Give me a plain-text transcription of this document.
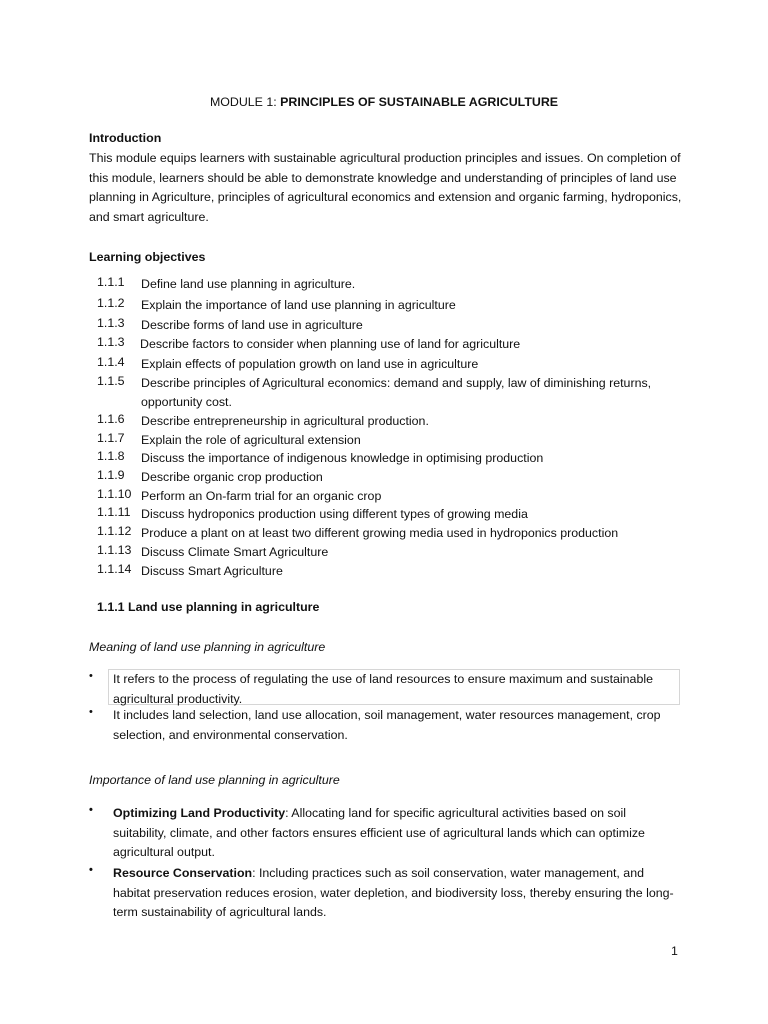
MODULE 1: PRINCIPLES OF SUSTAINABLE AGRICULTURE
Introduction
This module equips learners with sustainable agricultural production principles and issues. On completion of this module, learners should be able to demonstrate knowledge and understanding of principles of land use planning in Agriculture, principles of agricultural economics and extension and organic farming, hydroponics, and smart agriculture.
Learning objectives
1.1.1 Define land use planning in agriculture.
1.1.2 Explain the importance of land use planning in agriculture
1.1.3 Describe forms of land use in agriculture
1.1.3 Describe factors to consider when planning use of land for agriculture
1.1.4 Explain effects of population growth on land use in agriculture
1.1.5 Describe principles of Agricultural economics: demand and supply, law of diminishing returns, opportunity cost.
1.1.6 Describe entrepreneurship in agricultural production.
1.1.7 Explain the role of agricultural extension
1.1.8 Discuss the importance of indigenous knowledge in optimising production
1.1.9 Describe organic crop production
1.1.10 Perform an On-farm trial for an organic crop
1.1.11 Discuss hydroponics production using different types of growing media
1.1.12 Produce a plant on at least two different growing media used in hydroponics production
1.1.13 Discuss Climate Smart Agriculture
1.1.14 Discuss Smart Agriculture
1.1.1 Land use planning in agriculture
Meaning of land use planning in agriculture
• It refers to the process of regulating the use of land resources to ensure maximum and sustainable agricultural productivity.
• It includes land selection, land use allocation, soil management, water resources management, crop selection, and environmental conservation.
Importance of land use planning in agriculture
• Optimizing Land Productivity: Allocating land for specific agricultural activities based on soil suitability, climate, and other factors ensures efficient use of agricultural lands which can optimize agricultural output.
• Resource Conservation: Including practices such as soil conservation, water management, and habitat preservation reduces erosion, water depletion, and biodiversity loss, thereby ensuring the long-term sustainability of agricultural lands.
1
